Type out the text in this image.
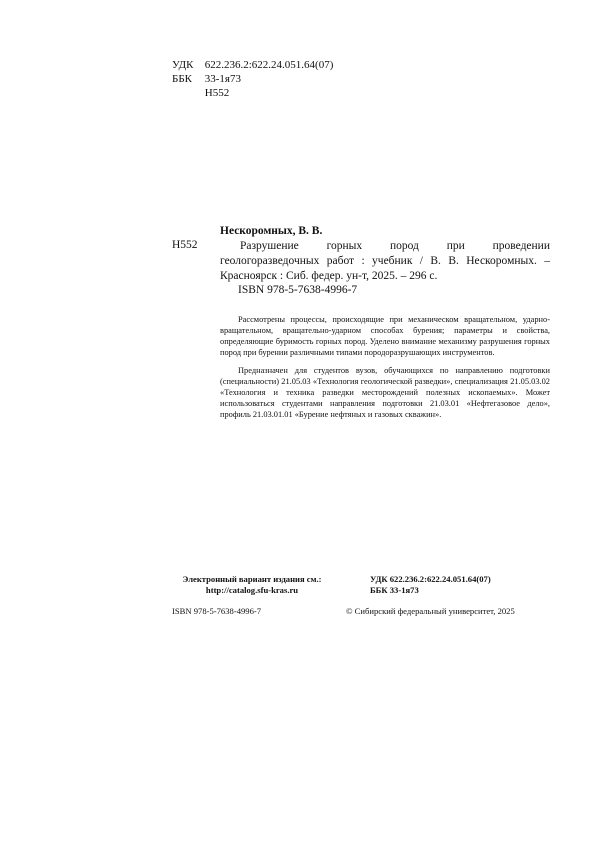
УДК 622.236.2:622.24.051.64(07)
ББК 33-1я73
Н552
Нескоромных, В. В.
Н552	Разрушение горных пород при проведении геологоразведочных работ : учебник / В. В. Нескоромных. – Красноярск : Сиб. федер. ун-т, 2025. – 296 с.

ISBN 978-5-7638-4996-7

Рассмотрены процессы, происходящие при механическом вращательном, ударно-вращательном, вращательно-ударном способах бурения; параметры и свойства, определяющие буримость горных пород. Уделено внимание механизму разрушения горных пород при бурении различными типами породоразрушающих инструментов.

Предназначен для студентов вузов, обучающихся по направлению подготовки (специальности) 21.05.03 «Технология геологической разведки», специализация 21.05.03.02 «Технология и техника разведки месторождений полезных ископаемых». Может использоваться студентами направления подготовки 21.03.01 «Нефтегазовое дело», профиль 21.03.01.01 «Бурение нефтяных и газовых скважин».

Электронный вариант издания см.:
http://catalog.sfu-kras.ru
УДК 622.236.2:622.24.051.64(07)
ББК 33-1я73
ISBN 978-5-7638-4996-7	© Сибирский федеральный университет, 2025
